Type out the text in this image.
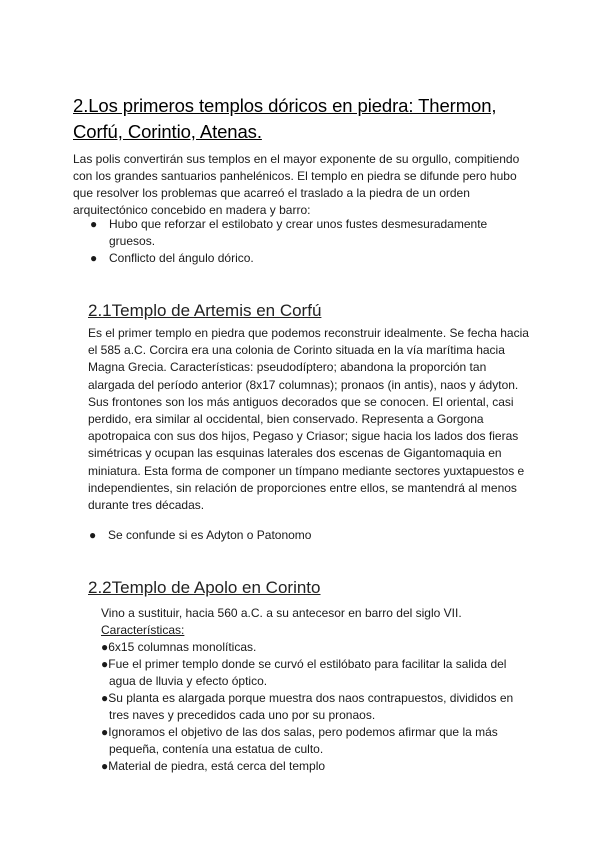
2.Los primeros templos dóricos en piedra: Thermon, Corfú, Corintio, Atenas.

Las polis convertirán sus templos en el mayor exponente de su orgullo, compitiendo con los grandes santuarios panhelénicos. El templo en piedra se difunde pero hubo que resolver los problemas que acarreó el traslado a la piedra de un orden arquitectónico concebido en madera y barro:

● Hubo que reforzar el estilobato y crear unos fustes desmesuradamente gruesos.
● Conflicto del ángulo dórico.
2.1Templo de Artemis en Corfú

Es el primer templo en piedra que podemos reconstruir idealmente. Se fecha hacia el 585 a.C. Corcira era una colonia de Corinto situada en la vía marítima hacia Magna Grecia. Características: pseudodíptero; abandona la proporción tan alargada del período anterior (8x17 columnas); pronaos (in antis), naos y ádyton. Sus frontones son los más antiguos decorados que se conocen. El oriental, casi perdido, era similar al occidental, bien conservado. Representa a Gorgona apotropaica con sus dos hijos, Pegaso y Criasor; sigue hacia los lados dos fieras simétricas y ocupan las esquinas laterales dos escenas de Gigantomaquia en miniatura. Esta forma de componer un tímpano mediante sectores yuxtapuestos e independientes, sin relación de proporciones entre ellos, se mantendrá al menos durante tres décadas.

● Se confunde si es Adyton o Patonomo
2.2Templo de Apolo en Corinto

Vino a sustituir, hacia 560 a.C. a su antecesor en barro del siglo VII.

Características:

●6x15 columnas monolíticas.
●Fue el primer templo donde se curvó el estilóbato para facilitar la salida del agua de lluvia y efecto óptico.
●Su planta es alargada porque muestra dos naos contrapuestos, divididos en tres naves y precedidos cada uno por su pronaos.
●Ignoramos el objetivo de las dos salas, pero podemos afirmar que la más pequeña, contenía una estatua de culto.
●Material de piedra, está cerca del templo
